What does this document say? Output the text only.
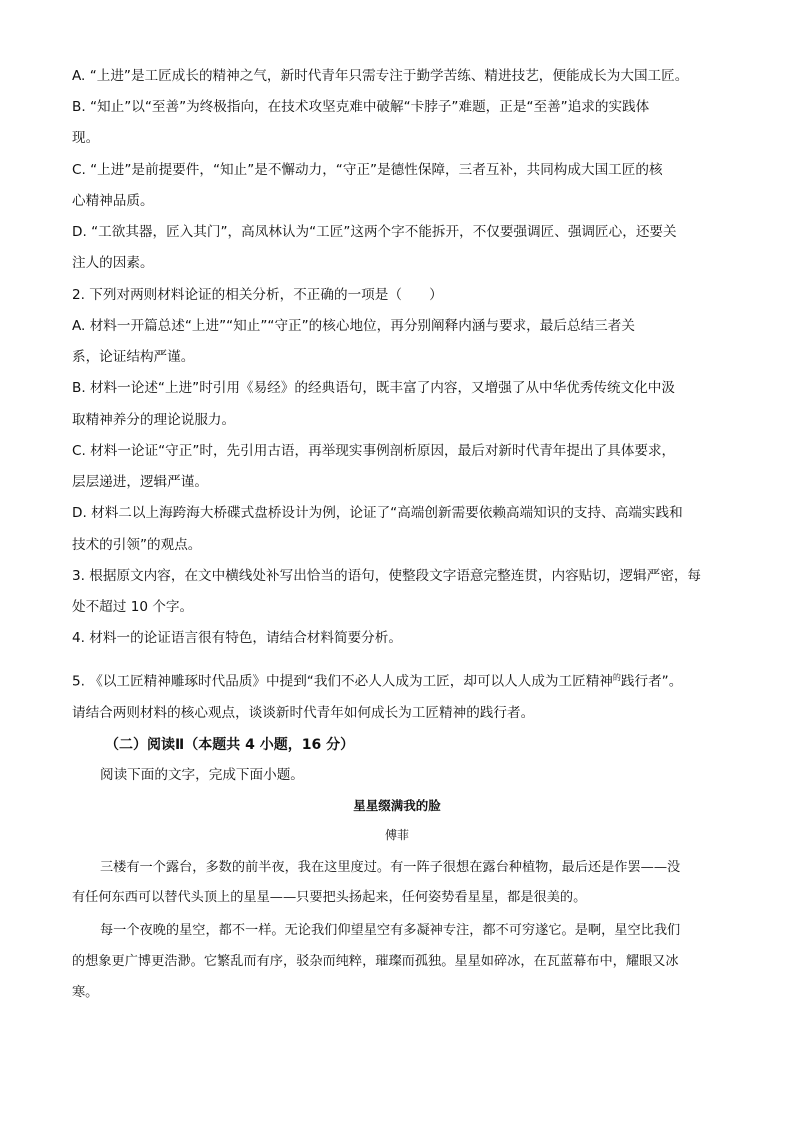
A. “上进”是工匠成长的精神之气，新时代青年只需专注于勤学苦练、精进技艺，便能成长为大国工匠。
B. “知止”以“至善”为终极指向，在技术攻坚克难中破解“卡脖子”难题，正是“至善”追求的实践体
现。
C. “上进”是前提要件，“知止”是不懈动力，“守正”是德性保障，三者互补，共同构成大国工匠的核
心精神品质。
D. “工欲其器，匠入其门”，高凤林认为“工匠”这两个字不能拆开，不仅要强调匠、强调匠心，还要关
注人的因素。
2. 下列对两则材料论证的相关分析，不正确的一项是（　　）
A. 材料一开篇总述“上进”“知止”“守正”的核心地位，再分别阐释内涵与要求，最后总结三者关
系，论证结构严谨。
B. 材料一论述“上进”时引用《易经》的经典语句，既丰富了内容，又增强了从中华优秀传统文化中汲
取精神养分的理论说服力。
C. 材料一论证“守正”时，先引用古语，再举现实事例剖析原因，最后对新时代青年提出了具体要求，
层层递进，逻辑严谨。
D. 材料二以上海跨海大桥碟式盘桥设计为例，论证了“高端创新需要依赖高端知识的支持、高端实践和
技术的引领”的观点。
3. 根据原文内容，在文中横线处补写出恰当的语句，使整段文字语意完整连贯，内容贴切，逻辑严密，每
处不超过 10 个字。
4. 材料一的论证语言很有特色，请结合材料简要分析。
5. 《以工匠精神雕琢时代品质》中提到“我们不必人人成为工匠，却可以人人成为工匠精神$^的$践行者”。
请结合两则材料的核心观点，谈谈新时代青年如何成长为工匠精神的践行者。
（二）阅读Ⅱ（本题共 4 小题，16 分）
阅读下面的文字，完成下面小题。
星星缀满我的脸
傅菲
三楼有一个露台，多数的前半夜，我在这里度过。有一阵子很想在露台种植物，最后还是作罢——没
有任何东西可以替代头顶上的星星——只要把头扬起来，任何姿势看星星，都是很美的。
每一个夜晚的星空，都不一样。无论我们仰望星空有多凝神专注，都不可穷遂它。是啊，星空比我们
的想象更广博更浩渺。它繁乱而有序，驳杂而纯粹，璀璨而孤独。星星如碎冰，在瓦蓝幕布中，耀眼又冰
寒。
